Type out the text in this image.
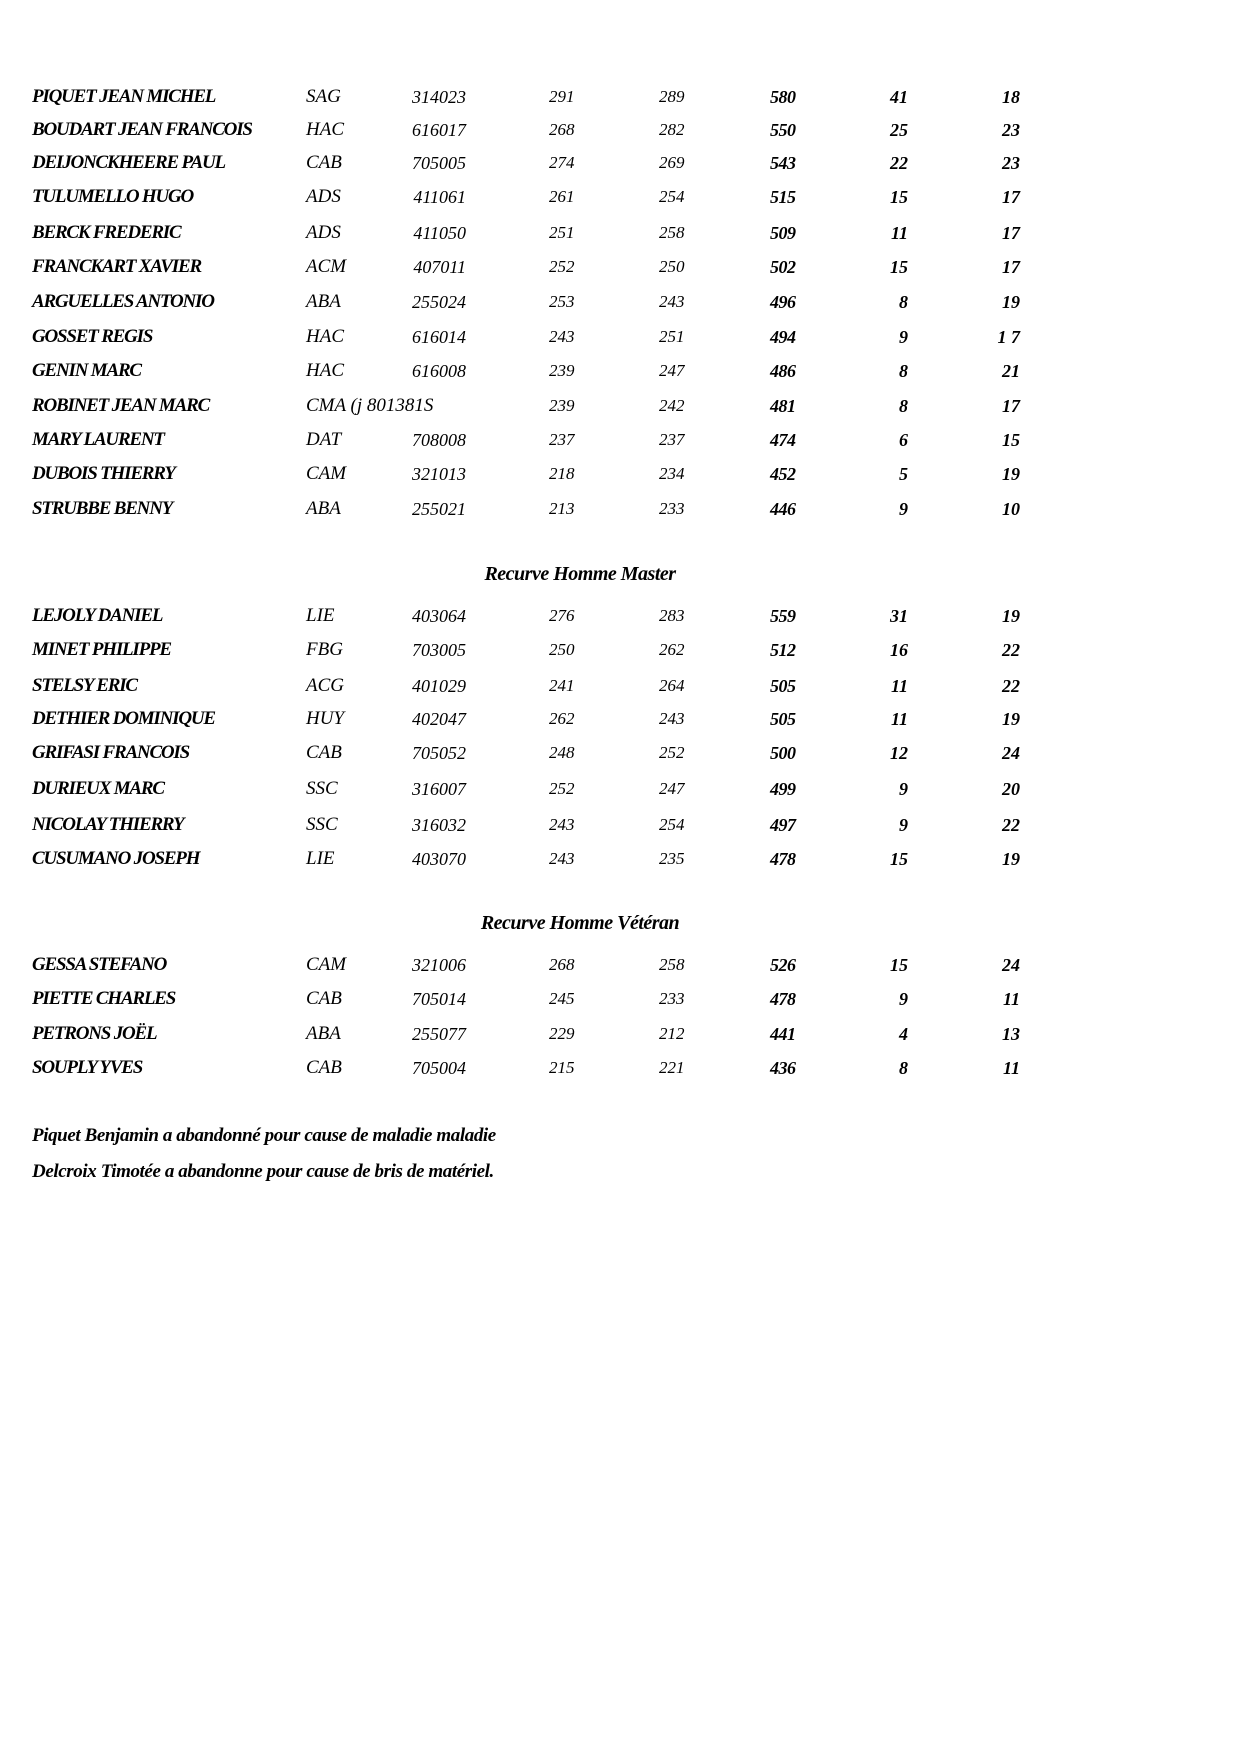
PIQUET JEAN MICHEL	SAG	314023	291	289	580	41	18
BOUDART JEAN FRANCOIS	HAC	616017	268	282	550	25	23
DEIJONCKHEERE PAUL	CAB	705005	274	269	543	22	23
TULUMELLO HUGO	ADS	411061	261	254	515	15	17
BERCK FREDERIC	ADS	411050	251	258	509	11	17
FRANCKART XAVIER	ACM	407011	252	250	502	15	17
ARGUELLES ANTONIO	ABA	255024	253	243	496	8	19
GOSSET REGIS	HAC	616014	243	251	494	9	1 7
GENIN MARC	HAC	616008	239	247	486	8	21
ROBINET JEAN MARC	CMA (j 801381S	239	242	481	8	17
MARY LAURENT	DAT	708008	237	237	474	6	15
DUBOIS THIERRY	CAM	321013	218	234	452	5	19
STRUBBE BENNY	ABA	255021	213	233	446	9	10
Recurve Homme Master
LEJOLY DANIEL	LIE	403064	276	283	559	31	19
MINET PHILIPPE	FBG	703005	250	262	512	16	22
STELSY ERIC	ACG	401029	241	264	505	11	22
DETHIER DOMINIQUE	HUY	402047	262	243	505	11	19
GRIFASI FRANCOIS	CAB	705052	248	252	500	12	24
DURIEUX MARC	SSC	316007	252	247	499	9	20
NICOLAY THIERRY	SSC	316032	243	254	497	9	22
CUSUMANO JOSEPH	LIE	403070	243	235	478	15	19
Recurve Homme Vétéran
GESSA STEFANO	CAM	321006	268	258	526	15	24
PIETTE CHARLES	CAB	705014	245	233	478	9	11
PETRONS JOËL	ABA	255077	229	212	441	4	13
SOUPLY YVES	CAB	705004	215	221	436	8	11
Piquet Benjamin a abandonné pour cause de maladie maladie
Delcroix Timotée a abandonne pour cause de bris de matériel.
